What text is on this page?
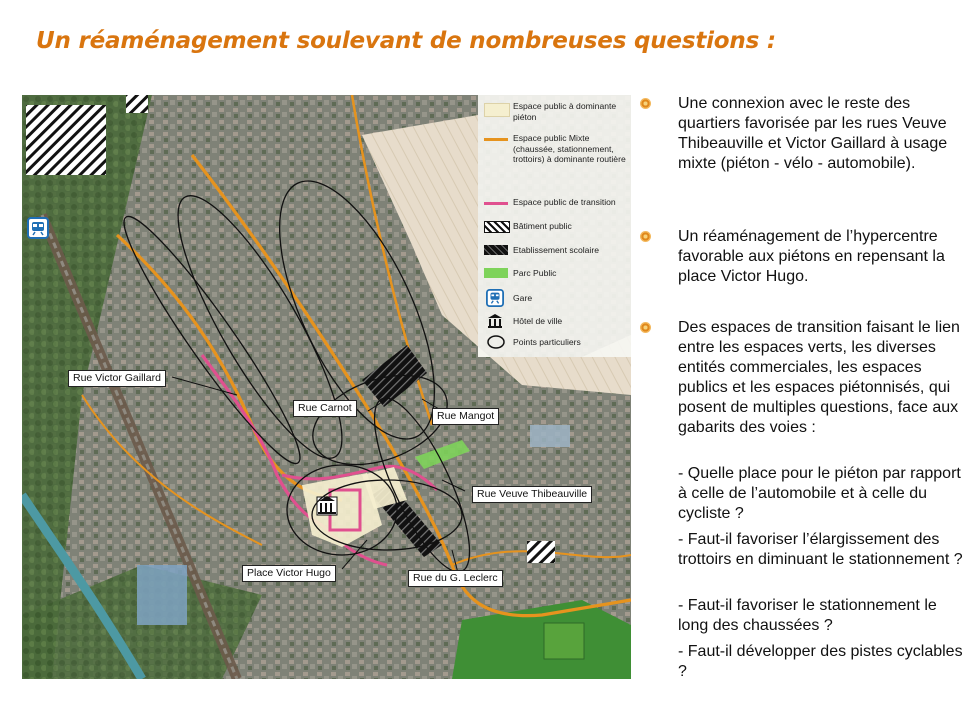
Un réaménagement soulevant de nombreuses questions :
Rue Victor Gaillard
Rue Carnot
Rue Mangot
Rue Veuve Thibeauville
Place Victor Hugo	Rue du G. Leclerc
Espace public à dominante piéton
Espace public Mixte (chaussée, stationnement, trottoirs) à dominante routière
Espace public de transition
Bâtiment public
Etablissement scolaire
Parc Public
Gare
Hôtel de ville
Points particuliers
Une connexion avec le reste des quartiers favorisée par les rues Veuve Thibeauville et Victor Gaillard à usage mixte (piéton - vélo - automobile).
Un réaménagement de l’hypercentre favorable aux piétons en repensant la place Victor Hugo.
Des espaces de transition faisant le lien entre les espaces verts, les diverses entités commerciales, les espaces publics et les espaces piétonnisés, qui posent de multiples questions, face aux gabarits des voies :
- Quelle place pour le piéton par rapport à celle de l’automobile et à celle du cycliste ?
- Faut-il favoriser l’élargissement des trottoirs en diminuant le stationnement ?
- Faut-il favoriser le stationnement le long des chaussées ?
- Faut-il développer des pistes cyclables ?
